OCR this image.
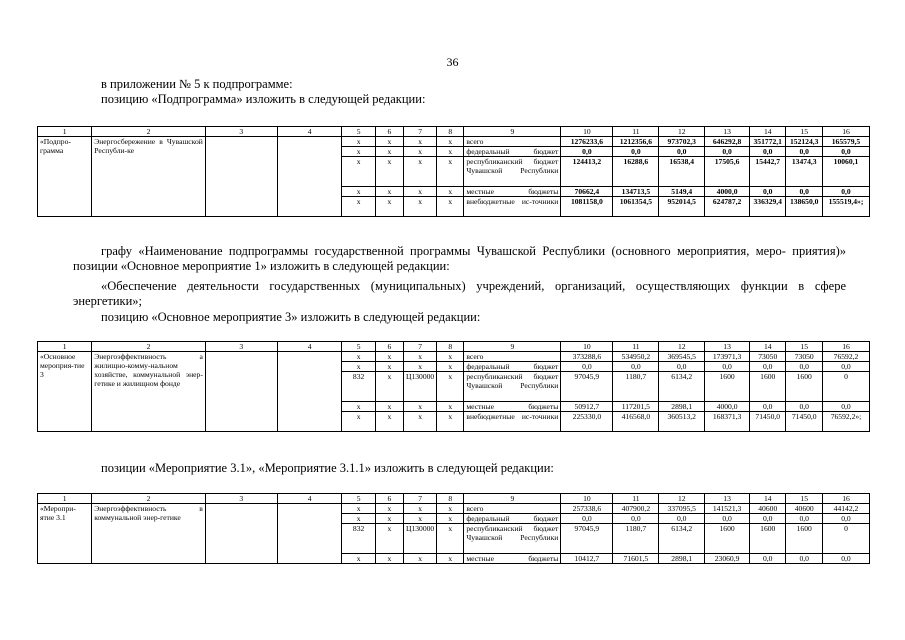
36
в приложении № 5 к подпрограмме:
позицию «Подпрограмма» изложить в следующей редакции:
1	2	3	4	5	6	7	8	9	10	11	12	13	14	15	16

«Подпро-грамма	Энергосбережение в Чувашской Республи-ке			х	х	х	х	всего	1276233,6	1212356,6	973702,3	646292,8	351772,1	152124,3	165579,5
				х	х	х	х	федеральный бюджет	0,0	0,0	0,0	0,0	0,0	0,0	0,0
				х	х	х	х	республиканский бюджет Чувашской Республики	124413,2	16288,6	16538,4	17505,6	15442,7	13474,3	10060,1
				х	х	х	х	местные бюджеты	70662,4	134713,5	5149,4	4000,0	0,0	0,0	0,0
				х	х	х	х	внебюджетные ис-точники	1081158,0	1061354,5	952014,5	624787,2	336329,4	138650,0	155519,4»;
графу «Наименование подпрограммы государственной программы Чувашской Республики (основного мероприятия, меро- приятия)» позиции «Основное мероприятие 1» изложить в следующей редакции:
«Обеспечение деятельности государственных (муниципальных) учреждений, организаций, осуществляющих функции в сфере энергетики»;
позицию «Основное мероприятие 3» изложить в следующей редакции:
1	2	3	4	5	6	7	8	9	10	11	12	13	14	15	16

«Основное мероприя-тие 3	Энергоэффективность а жилищно-комму-нальном хозяйстве, коммунальной энер-гетике и жилищном фонде			х	х	х	х	всего	373288,6	534950,2	369545,5	173971,3	73050	73050	76592,2
				х	х	х	х	федеральный бюджет	0,0	0,0	0,0	0,0	0,0	0,0	0,0
				832	х	Ц130000	х	республиканский бюджет Чувашской Республики	97045,9	1180,7	6134,2	1600	1600	1600	0
				х	х	х	х	местные бюджеты	50912,7	117201,5	2898,1	4000,0	0,0	0,0	0,0
				х	х	х	х	внебюджетные ис-точники	225330,0	416568,0	360513,2	168371,3	71450,0	71450,0	76592,2»;
позиции «Мероприятие 3.1», «Мероприятие 3.1.1» изложить в следующей редакции:
1	2	3	4	5	6	7	8	9	10	11	12	13	14	15	16

«Меропри-ятие 3.1	Энергоэффективность в коммунальной энер-гетике			х	х	х	х	всего	257338,6	407900,2	337095,5	141521,3	40600	40600	44142,2
				х	х	х	х	федеральный бюджет	0,0	0,0	0,0	0,0	0,0	0,0	0,0
				832	х	Ц130000	х	республиканский бюджет Чувашской Республики	97045,9	1180,7	6134,2	1600	1600	1600	0
				х	х	х	х	местные бюджеты	10412,7	71601,5	2898,1	23060,9	0,0	0,0	0,0
